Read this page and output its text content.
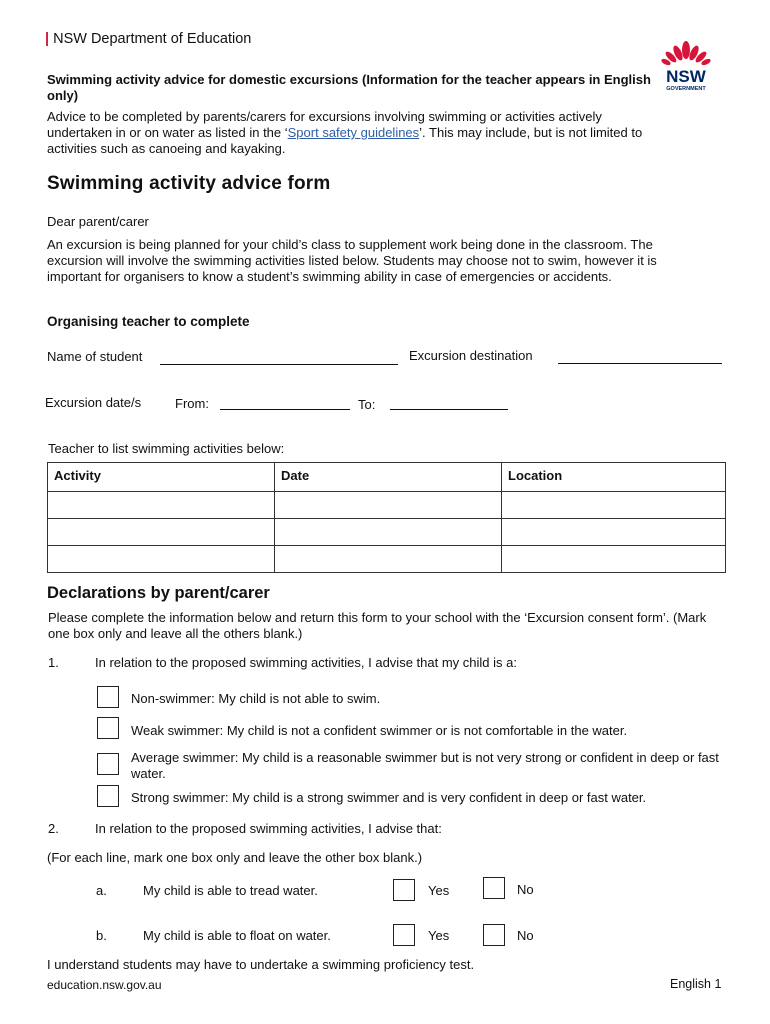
| NSW Department of Education
NSW
GOVERNMENT
Swimming activity advice for domestic excursions (Information for the teacher appears in English only)
Advice to be completed by parents/carers for excursions involving swimming or activities actively undertaken in or on water as listed in the ‘Sport safety guidelines’. This may include, but is not limited to activities such as canoeing and kayaking.
Swimming activity advice form
Dear parent/carer
An excursion is being planned for your child’s class to supplement work being done in the classroom. The excursion will involve the swimming activities listed below. Students may choose not to swim, however it is important for organisers to know a student’s swimming ability in case of emergencies or accidents.
Organising teacher to complete
Name of student	Excursion destination
Excursion date/s	From:	To:
Teacher to list swimming activities below:
Activity	Date	Location

Declarations by parent/carer
Please complete the information below and return this form to your school with the ‘Excursion consent form’. (Mark one box only and leave all the others blank.)
1.	In relation to the proposed swimming activities, I advise that my child is a:
Non-swimmer: My child is not able to swim.
Weak swimmer: My child is not a confident swimmer or is not comfortable in the water.
Average swimmer: My child is a reasonable swimmer but is not very strong or confident in deep or fast water.
Strong swimmer: My child is a strong swimmer and is very confident in deep or fast water.
2.	In relation to the proposed swimming activities, I advise that:
(For each line, mark one box only and leave the other box blank.)
a.	My child is able to tread water.	Yes	No
b.	My child is able to float on water.	Yes	No
I understand students may have to undertake a swimming proficiency test.
education.nsw.gov.au	English 1
